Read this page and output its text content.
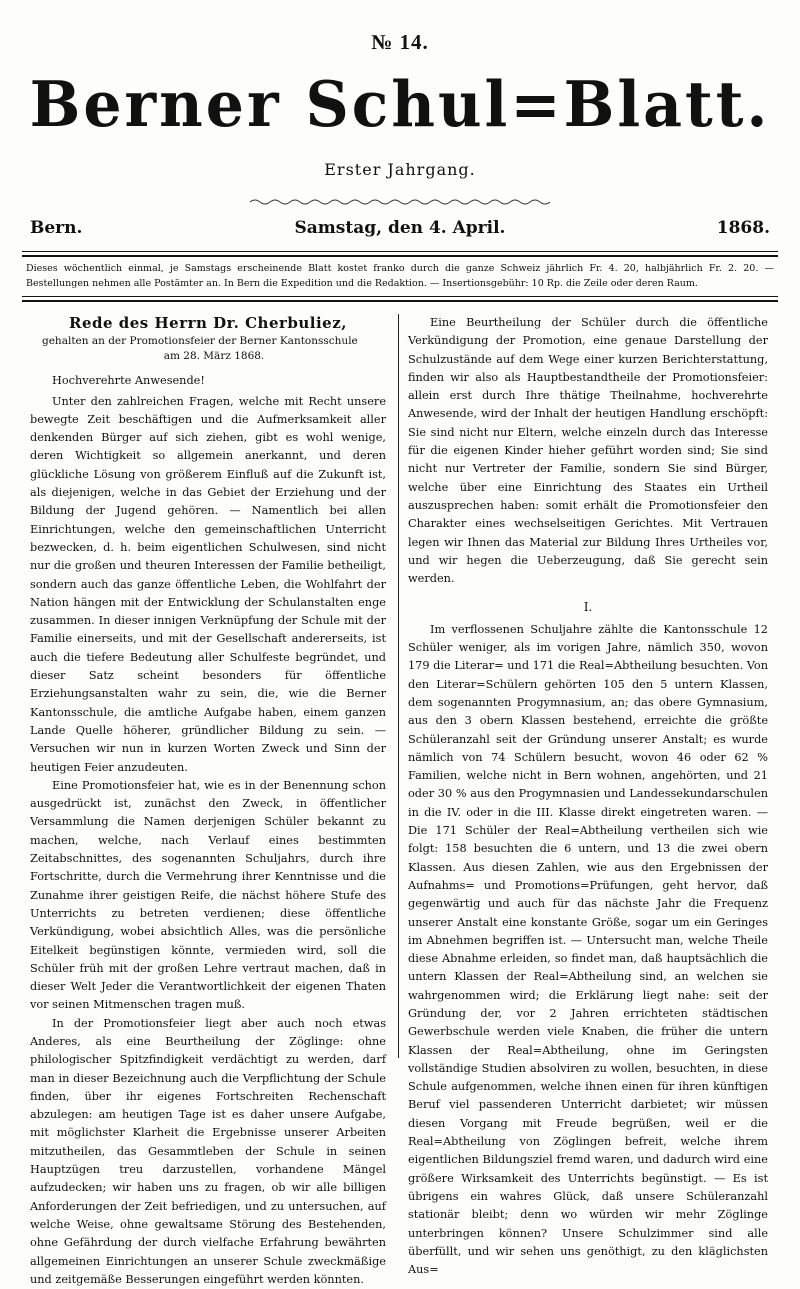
№ 14.
Berner Schul=Blatt.
Erster Jahrgang.
Bern.	Samstag, den 4. April.	1868.
Dieses wöchentlich einmal, je Samstags erscheinende Blatt kostet franko durch die ganze Schweiz jährlich Fr. 4. 20, halbjährlich Fr. 2. 20. — Bestellungen nehmen alle Postämter an. In Bern die Expedition und die Redaktion. — Insertionsgebühr: 10 Rp. die Zeile oder deren Raum.
Rede des Herrn Dr. Cherbuliez,
gehalten an der Promotionsfeier der Berner Kantonsschule
am 28. März 1868.

Hochverehrte Anwesende!

Unter den zahlreichen Fragen, welche mit Recht unsere bewegte Zeit beschäftigen und die Aufmerksamkeit aller denkenden Bürger auf sich ziehen, gibt es wohl wenige, deren Wichtigkeit so allgemein anerkannt, und deren glückliche Lösung von größerem Einfluß auf die Zukunft ist, als diejenigen, welche in das Gebiet der Erziehung und der Bildung der Jugend gehören. — Namentlich bei allen Einrichtungen, welche den gemeinschaftlichen Unterricht bezwecken, d. h. beim eigentlichen Schulwesen, sind nicht nur die großen und theuren Interessen der Familie betheiligt, sondern auch das ganze öffentliche Leben, die Wohlfahrt der Nation hängen mit der Entwicklung der Schulanstalten enge zusammen. In dieser innigen Verknüpfung der Schule mit der Familie einerseits, und mit der Gesellschaft andererseits, ist auch die tiefere Bedeutung aller Schulfeste begründet, und dieser Satz scheint besonders für öffentliche Erziehungsanstalten wahr zu sein, die, wie die Berner Kantonsschule, die amtliche Aufgabe haben, einem ganzen Lande Quelle höherer, gründlicher Bildung zu sein. — Versuchen wir nun in kurzen Worten Zweck und Sinn der heutigen Feier anzudeuten.

Eine Promotionsfeier hat, wie es in der Benennung schon ausgedrückt ist, zunächst den Zweck, in öffentlicher Versammlung die Namen derjenigen Schüler bekannt zu machen, welche, nach Verlauf eines bestimmten Zeitabschnittes, des sogenannten Schuljahrs, durch ihre Fortschritte, durch die Vermehrung ihrer Kenntnisse und die Zunahme ihrer geistigen Reife, die nächst höhere Stufe des Unterrichts zu betreten verdienen; diese öffentliche Verkündigung, wobei absichtlich Alles, was die persönliche Eitelkeit begünstigen könnte, vermieden wird, soll die Schüler früh mit der großen Lehre vertraut machen, daß in dieser Welt Jeder die Verantwortlichkeit der eigenen Thaten vor seinen Mitmenschen tragen muß.

In der Promotionsfeier liegt aber auch noch etwas Anderes, als eine Beurtheilung der Zöglinge: ohne philologischer Spitzfindigkeit verdächtigt zu werden, darf man in dieser Bezeichnung auch die Verpflichtung der Schule finden, über ihr eigenes Fortschreiten Rechenschaft abzulegen: am heutigen Tage ist es daher unsere Aufgabe, mit möglichster Klarheit die Ergebnisse unserer Arbeiten mitzutheilen, das Gesammtleben der Schule in seinen Hauptzügen treu darzustellen, vorhandene Mängel aufzudecken; wir haben uns zu fragen, ob wir alle billigen Anforderungen der Zeit befriedigen, und zu untersuchen, auf welche Weise, ohne gewaltsame Störung des Bestehenden, ohne Gefährdung der durch vielfache Erfahrung bewährten allgemeinen Einrichtungen an unserer Schule zweckmäßige und zeitgemäße Besserungen eingeführt werden könnten.

Eine Beurtheilung der Schüler durch die öffentliche Verkündigung der Promotion, eine genaue Darstellung der Schulzustände auf dem Wege einer kurzen Berichterstattung, finden wir also als Hauptbestandtheile der Promotionsfeier: allein erst durch Ihre thätige Theilnahme, hochverehrte Anwesende, wird der Inhalt der heutigen Handlung erschöpft: Sie sind nicht nur Eltern, welche einzeln durch das Interesse für die eigenen Kinder hieher geführt worden sind; Sie sind nicht nur Vertreter der Familie, sondern Sie sind Bürger, welche über eine Einrichtung des Staates ein Urtheil auszusprechen haben: somit erhält die Promotionsfeier den Charakter eines wechselseitigen Gerichtes. Mit Vertrauen legen wir Ihnen das Material zur Bildung Ihres Urtheiles vor, und wir hegen die Ueberzeugung, daß Sie gerecht sein werden.

I.

Im verflossenen Schuljahre zählte die Kantonsschule 12 Schüler weniger, als im vorigen Jahre, nämlich 350, wovon 179 die Literar= und 171 die Real=Abtheilung besuchten. Von den Literar=Schülern gehörten 105 den 5 untern Klassen, dem sogenannten Progymnasium, an; das obere Gymnasium, aus den 3 obern Klassen bestehend, erreichte die größte Schüleranzahl seit der Gründung unserer Anstalt; es wurde nämlich von 74 Schülern besucht, wovon 46 oder 62 % Familien, welche nicht in Bern wohnen, angehörten, und 21 oder 30 % aus den Progymnasien und Landessekundarschulen in die IV. oder in die III. Klasse direkt eingetreten waren. — Die 171 Schüler der Real=Abtheilung vertheilen sich wie folgt: 158 besuchten die 6 untern, und 13 die zwei obern Klassen. Aus diesen Zahlen, wie aus den Ergebnissen der Aufnahms= und Promotions=Prüfungen, geht hervor, daß gegenwärtig und auch für das nächste Jahr die Frequenz unserer Anstalt eine konstante Größe, sogar um ein Geringes im Abnehmen begriffen ist. — Untersucht man, welche Theile diese Abnahme erleiden, so findet man, daß hauptsächlich die untern Klassen der Real=Abtheilung sind, an welchen sie wahrgenommen wird; die Erklärung liegt nahe: seit der Gründung der, vor 2 Jahren errichteten städtischen Gewerbschule werden viele Knaben, die früher die untern Klassen der Real=Abtheilung, ohne im Geringsten vollständige Studien absolviren zu wollen, besuchten, in diese Schule aufgenommen, welche ihnen einen für ihren künftigen Beruf viel passenderen Unterricht darbietet; wir müssen diesen Vorgang mit Freude begrüßen, weil er die Real=Abtheilung von Zöglingen befreit, welche ihrem eigentlichen Bildungsziel fremd waren, und dadurch wird eine größere Wirksamkeit des Unterrichts begünstigt. — Es ist übrigens ein wahres Glück, daß unsere Schüleranzahl stationär bleibt; denn wo würden wir mehr Zöglinge unterbringen können? Unsere Schulzimmer sind alle überfüllt, und wir sehen uns genöthigt, zu den kläglichsten Aus=
